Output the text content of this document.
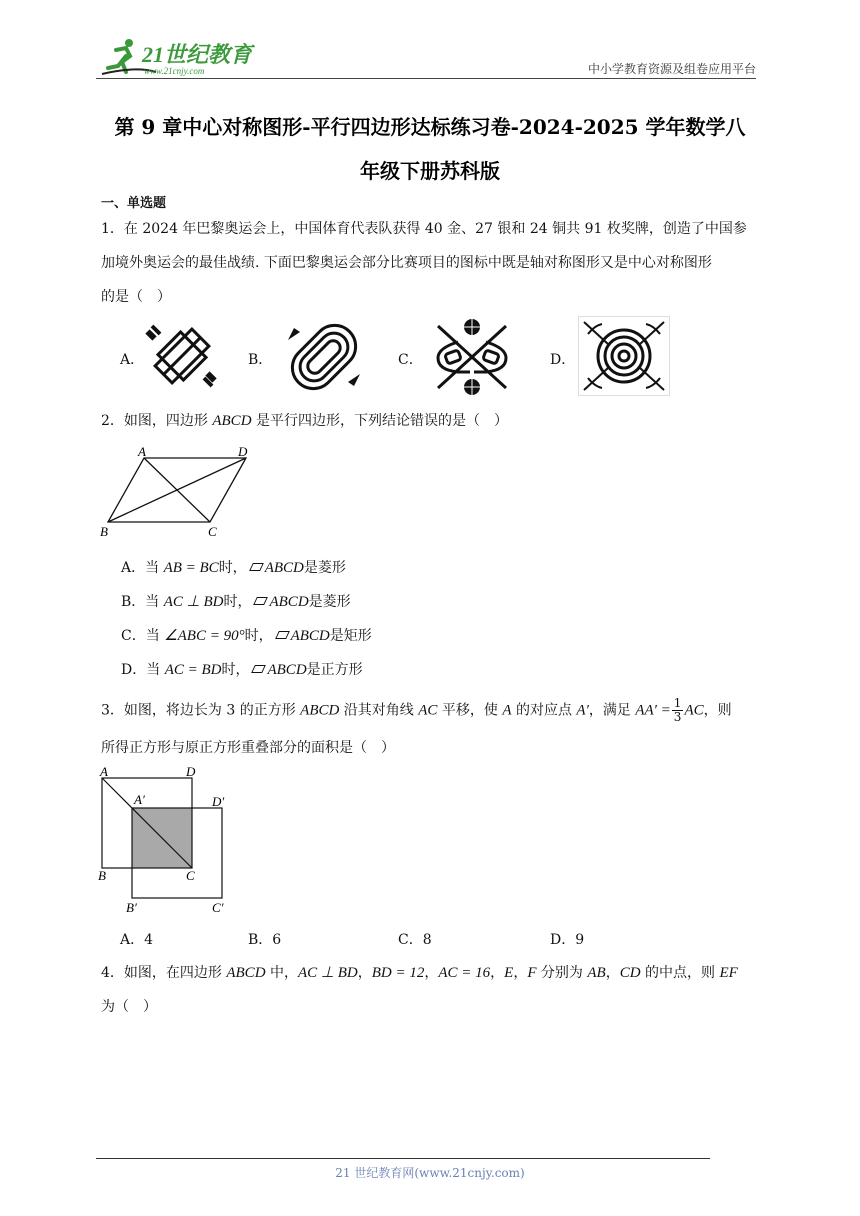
21世纪教育
www.21cnjy.com	中小学教育资源及组卷应用平台
第 9 章中心对称图形-平行四边形达标练习卷-2024-2025 学年数学八
年级下册苏科版
一、单选题
1．在 2024 年巴黎奥运会上，中国体育代表队获得 40 金、27 银和 24 铜共 91 枚奖牌，创造了中国参
加境外奥运会的最佳战绩. 下面巴黎奥运会部分比赛项目的图标中既是轴对称图形又是中心对称图形
的是（　）
A．	B．	C．	D．
2．如图，四边形 ABCD 是平行四边形，下列结论错误的是（　）
A	D
B	C
A．当 AB = BC时， ABCD是菱形
B．当 AC ⊥ BD时， ABCD是菱形
C．当 ∠ABC = 90°时， ABCD是矩形
D．当 AC = BD时， ABCD是正方形
3．如图，将边长为 3 的正方形 ABCD 沿其对角线 AC 平移，使 A 的对应点 A′，满足 $AA' = \frac{1}{3}$ AC，则
所得正方形与原正方形重叠部分的面积是（　）
A	D
A′	D′
B	C
B′	C′
A．4	B．6	C．8	D．9
4．如图，在四边形 ABCD 中，AC ⊥ BD，BD = 12，AC = 16，E，F 分别为 AB，CD 的中点，则 EF
为（　）
21 世纪教育网(www.21cnjy.com)
